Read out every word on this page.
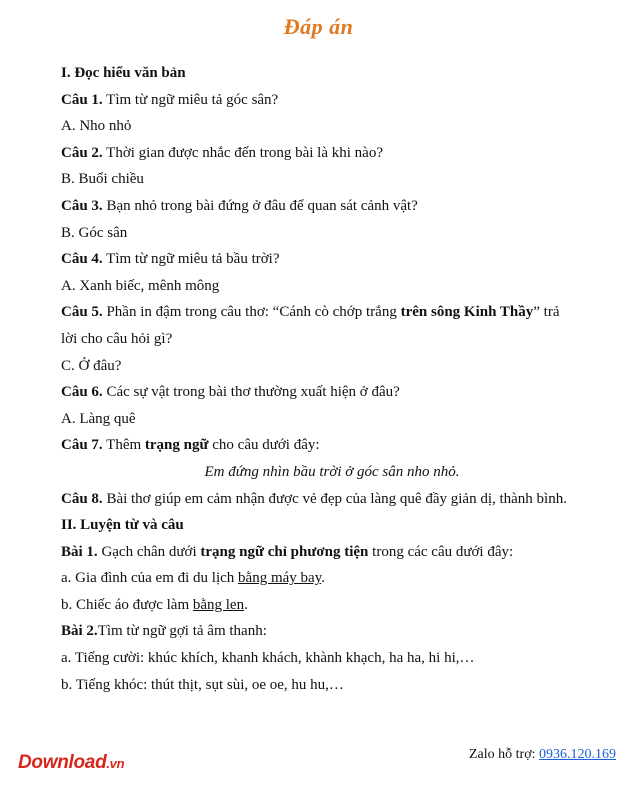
Đáp án
I. Đọc hiểu văn bản
Câu 1. Tìm từ ngữ miêu tả góc sân?
A. Nho nhỏ
Câu 2. Thời gian được nhắc đến trong bài là khi nào?
B. Buổi chiều
Câu 3. Bạn nhỏ trong bài đứng ở đâu để quan sát cảnh vật?
B. Góc sân
Câu 4. Tìm từ ngữ miêu tả bầu trời?
A. Xanh biếc, mênh mông
Câu 5. Phần in đậm trong câu thơ: “Cánh cò chớp trắng trên sông Kinh Thầy” trả
lời cho câu hỏi gì?
C. Ở đâu?
Câu 6. Các sự vật trong bài thơ thường xuất hiện ở đâu?
A. Làng quê
Câu 7. Thêm trạng ngữ cho câu dưới đây:
Em đứng nhìn bầu trời ở góc sân nho nhỏ.
Câu 8. Bài thơ giúp em cảm nhận được vẻ đẹp của làng quê đầy giản dị, thành bình.
II. Luyện từ và câu
Bài 1. Gạch chân dưới trạng ngữ chỉ phương tiện trong các câu dưới đây:
a. Gia đình của em đi du lịch bằng máy bay.
b. Chiếc áo được làm bằng len.
Bài 2.Tìm từ ngữ gợi tả âm thanh:
a. Tiếng cười: khúc khích, khanh khách, khành khạch, ha ha, hi hi,…
b. Tiếng khóc: thút thịt, sụt sùi, oe oe, hu hu,…
Download.vn
Zalo hỗ trợ: 0936.120.169
